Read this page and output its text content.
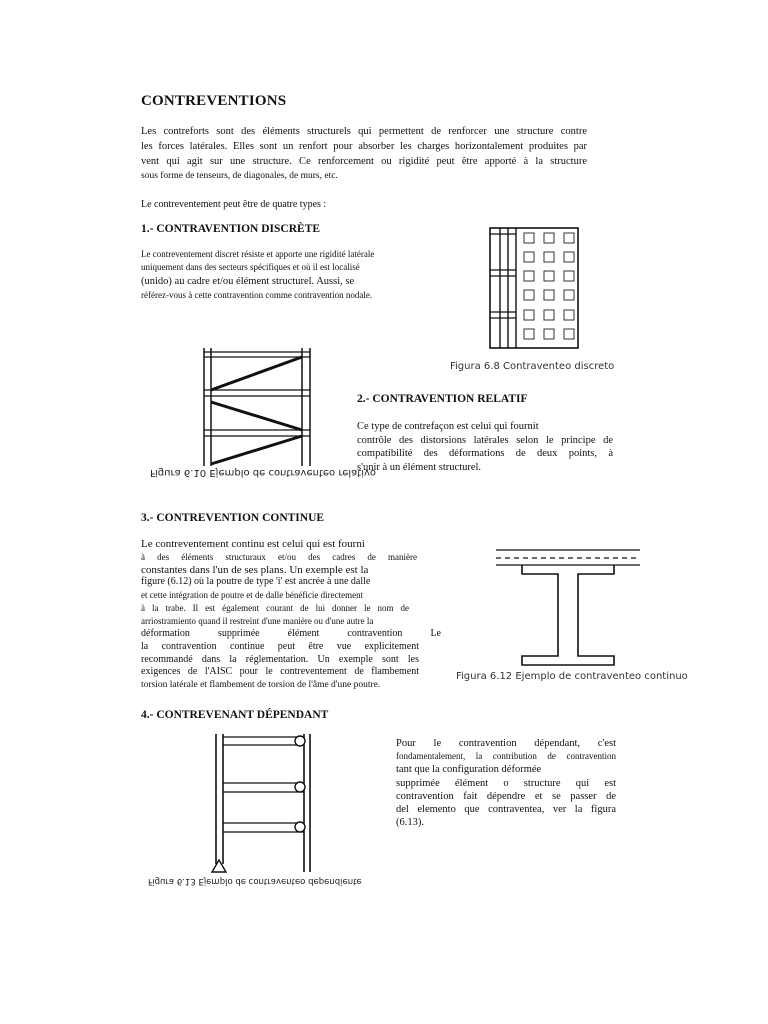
CONTREVENTIONS
Les contreforts sont des éléments structurels qui permettent de renforcer une structure contre
les forces latérales. Elles sont un renfort pour absorber les charges horizontalement produites par
vent qui agit sur une structure. Ce renforcement ou rigidité peut être apporté à la structure
sous forme de tenseurs, de diagonales, de murs, etc.
Le contreventement peut être de quatre types :
1.- CONTRAVENTION DISCRÈTE
Le contreventement discret résiste et apporte une rigidité latérale
uniquement dans des secteurs spécifiques et où il est localisé
(unido) au cadre et/ou élément structurel. Aussi, se
référez-vous à cette contravention comme contravention nodale.
Figura 6.8 Contraventeo discreto
Figura 6.10 Ejemplo de contraventeo relativo
2.- CONTRAVENTION RELATIF
Ce type de contrefaçon est celui qui fournit
contrôle des distorsions latérales selon le principe de
compatibilité des déformations de deux points, à
s'unir à un élément structurel.
3.- CONTREVENTION CONTINUE
Le contreventement continu est celui qui est fourni
à des éléments structuraux et/ou des cadres de manière
constantes dans l'un de ses plans. Un exemple est la
figure (6.12) où la poutre de type 'i' est ancrée à une dalle
et cette intégration de poutre et de dalle bénéficie directement
à la trabe. Il est également courant de lui donner le nom de
arriostramiento quand il restreint d'une manière ou d'une autre la
déformation supprimée élément contravention Le
la contravention continue peut être vue explicitement
recommandé dans la réglementation. Un exemple sont les
exigences de l'AISC pour le contreventement de flambement
torsion latérale et flambement de torsion de l'âme d'une poutre.
Figura 6.12 Ejemplo de contraventeo continuo
4.- CONTREVENANT DÉPENDANT
Figura 6.13 Ejemplo de contraventeo dependiente
Pour le contravention dépendant, c'est
fondamentalement, la contribution de contravention
tant que la configuration déformée
supprimée élément o structure qui est
contravention fait dépendre et se passer de
del elemento que contraventea, ver la figura
(6.13).
